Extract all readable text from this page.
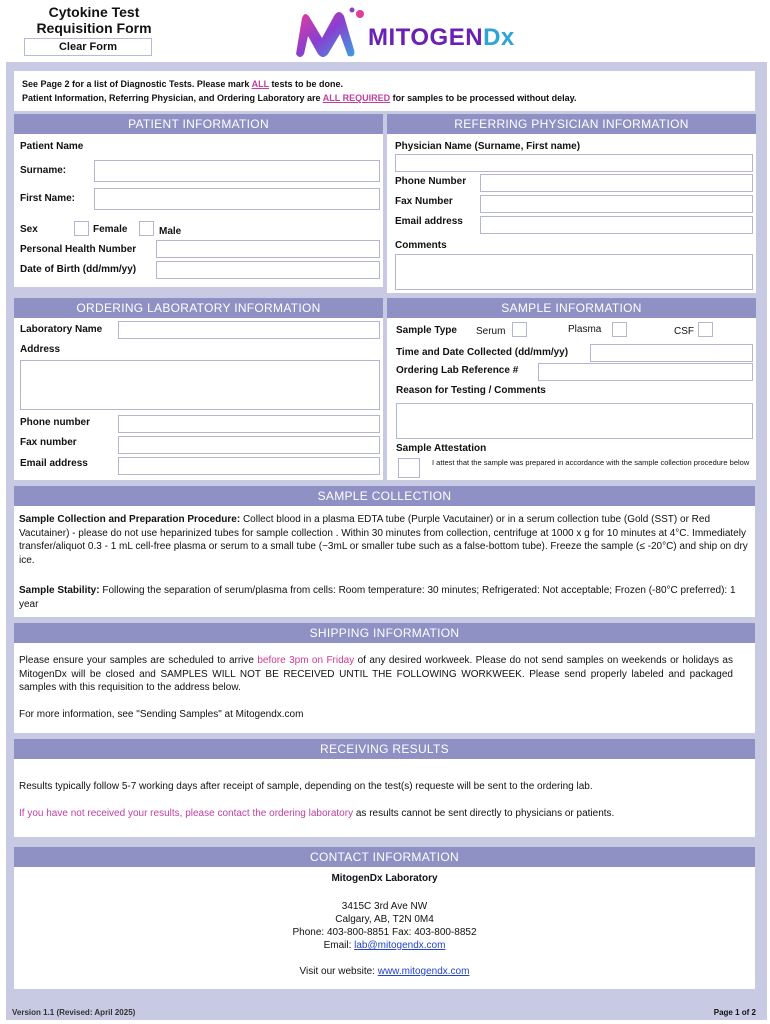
Cytokine Test
Requisition Form
Clear Form	MITOGENDx
See Page 2 for a list of Diagnostic Tests. Please mark ALL tests to be done.
Patient Information, Referring Physician, and Ordering Laboratory are ALL REQUIRED for samples to be processed without delay.
PATIENT INFORMATION
Patient Name
Surname:
First Name:
Sex	Female	Male
Personal Health Number
Date of Birth (dd/mm/yy)
REFERRING PHYSICIAN INFORMATION
Physician Name (Surname, First name)
Phone Number
Fax Number
Email address
Comments
ORDERING LABORATORY INFORMATION
Laboratory Name
Address
Phone number
Fax number
Email address
SAMPLE INFORMATION
Sample Type Serum	Plasma	CSF
Time and Date Collected (dd/mm/yy)
Ordering Lab Reference #
Reason for Testing / Comments
Sample Attestation
I attest that the sample was prepared in accordance with the sample collection procedure below
SAMPLE COLLECTION
Sample Collection and Preparation Procedure: Collect blood in a plasma EDTA tube (Purple Vacutainer) or in a serum collection tube (Gold (SST) or Red Vacutainer) - please do not use heparinized tubes for sample collection . Within 30 minutes from collection, centrifuge at 1000 x g for 10 minutes at 4°C. Immediately transfer/aliquot 0.3 - 1 mL cell-free plasma or serum to a small tube (~3mL or smaller tube such as a false-bottom tube). Freeze the sample (≤ -20°C) and ship on dry ice.
Sample Stability: Following the separation of serum/plasma from cells: Room temperature: 30 minutes; Refrigerated: Not acceptable; Frozen (-80°C preferred): 1 year
SHIPPING INFORMATION
Please ensure your samples are scheduled to arrive before 3pm on Friday of any desired workweek. Please do not send samples on weekends or holidays as MitogenDx will be closed and SAMPLES WILL NOT BE RECEIVED UNTIL THE FOLLOWING WORKWEEK. Please send properly labeled and packaged samples with this requisition to the address below.
For more information, see "Sending Samples" at Mitogendx.com
RECEIVING RESULTS
Results typically follow 5-7 working days after receipt of sample, depending on the test(s) requeste will be sent to the ordering lab.
If you have not received your results, please contact the ordering laboratory as results cannot be sent directly to physicians or patients.
CONTACT INFORMATION
MitogenDx Laboratory
3415C 3rd Ave NW
Calgary, AB, T2N 0M4
Phone: 403-800-8851 Fax: 403-800-8852
Email: lab@mitogendx.com
Visit our website: www.mitogendx.com
Version 1.1 (Revised: April 2025)	Page 1 of 2
